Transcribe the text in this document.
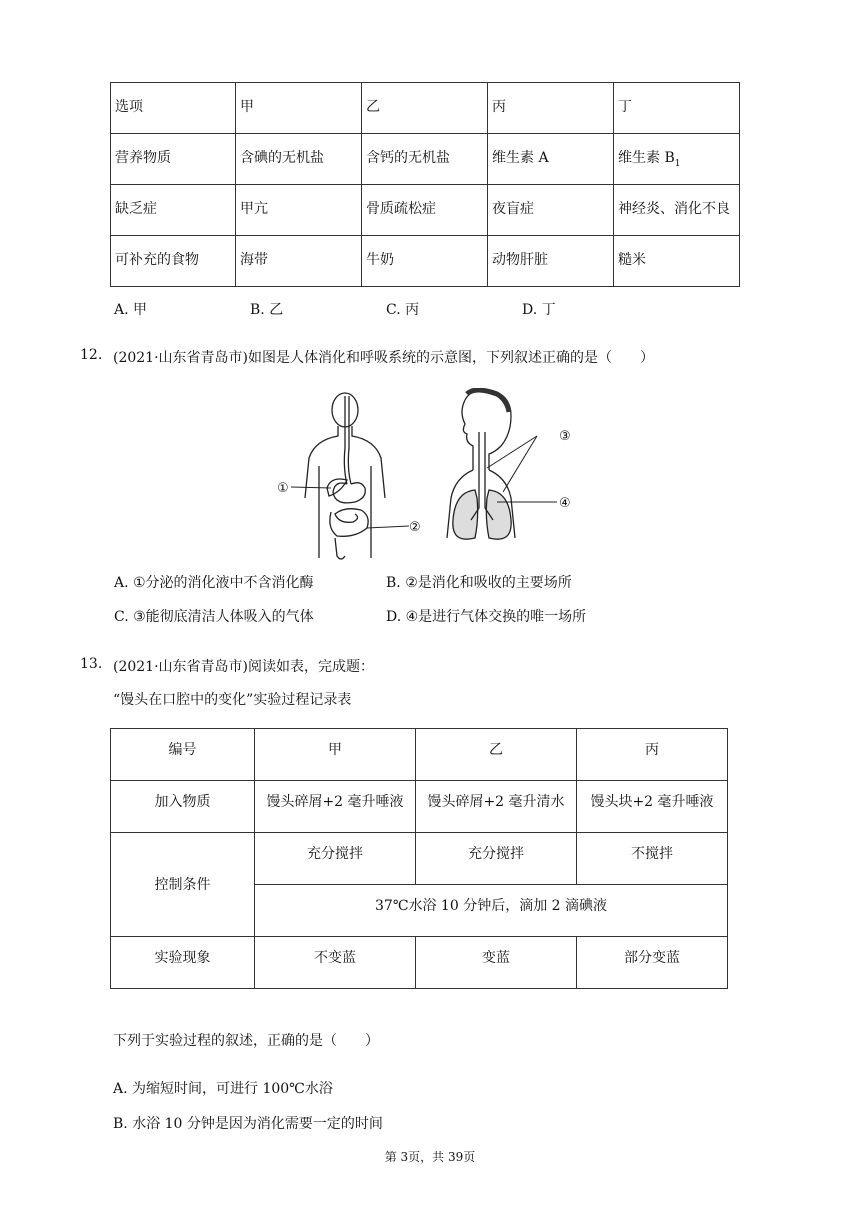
选项	甲	乙	丙	丁
营养物质	含碘的无机盐	含钙的无机盐	维生素 A	维生素 $B_1$
缺乏症	甲亢	骨质疏松症	夜盲症	神经炎、消化不良
可补充的食物	海带	牛奶	动物肝脏	糙米
A. 甲	B. 乙	C. 丙	D. 丁
12. (2021·山东省青岛市)如图是人体消化和呼吸系统的示意图，下列叙述正确的是（　　）
①
②
③
④
A. ①分泌的消化液中不含消化酶	B. ②是消化和吸收的主要场所
C. ③能彻底清洁人体吸入的气体	D. ④是进行气体交换的唯一场所
13. (2021·山东省青岛市)阅读如表，完成题：
“馒头在口腔中的变化”实验过程记录表
编号	甲	乙	丙
加入物质	馒头碎屑+2 毫升唾液	馒头碎屑+2 毫升清水	馒头块+2 毫升唾液
控制条件	充分搅拌	充分搅拌	不搅拌
	37℃水浴 10 分钟后，滴加 2 滴碘液		
实验现象	不变蓝	变蓝	部分变蓝
下列于实验过程的叙述，正确的是（　　）
A. 为缩短时间，可进行 100℃水浴
B. 水浴 10 分钟是因为消化需要一定的时间
第 3页，共 39页
